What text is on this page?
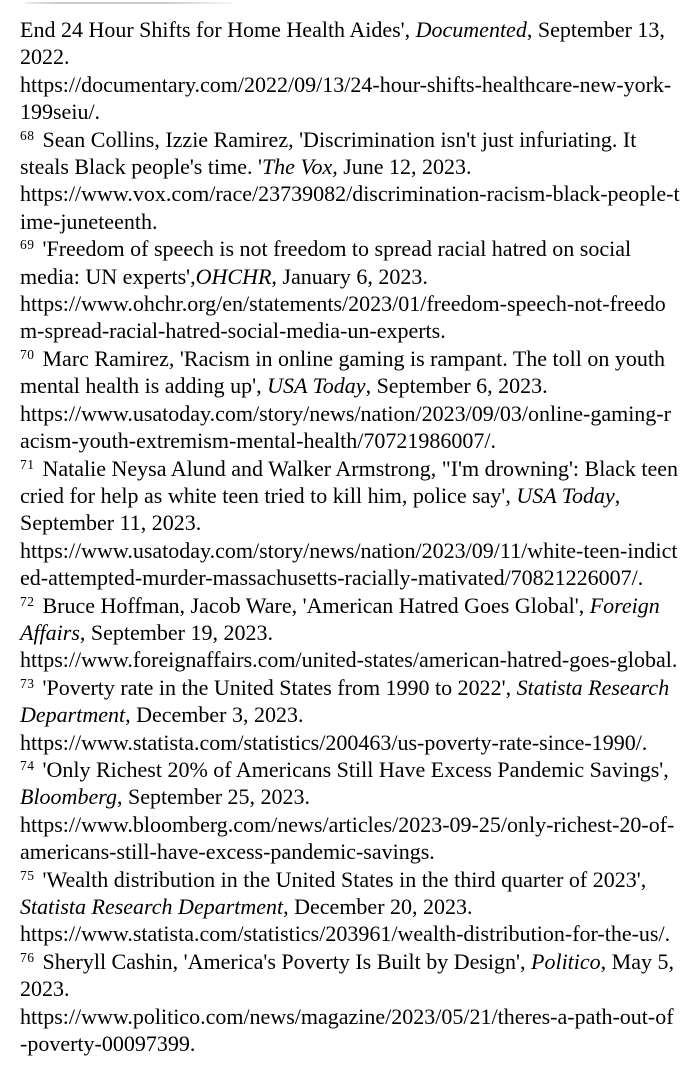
End 24 Hour Shifts for Home Health Aides', Documented, September 13, 2022.
https://documentary.com/2022/09/13/24-hour-shifts-healthcare-new-york-199seiu/.

$^{68}$ Sean Collins, Izzie Ramirez, 'Discrimination isn't just infuriating. It steals Black people's time. 'The Vox, June 12, 2023.
https://www.vox.com/race/23739082/discrimination-racism-black-people-time-juneteenth.

$^{69}$ 'Freedom of speech is not freedom to spread racial hatred on social media: UN experts',OHCHR, January 6, 2023.
https://www.ohchr.org/en/statements/2023/01/freedom-speech-not-freedom-spread-racial-hatred-social-media-un-experts.

$^{70}$ Marc Ramirez, 'Racism in online gaming is rampant. The toll on youth mental health is adding up', USA Today, September 6, 2023.
https://www.usatoday.com/story/news/nation/2023/09/03/online-gaming-racism-youth-extremism-mental-health/70721986007/.

$^{71}$ Natalie Neysa Alund and Walker Armstrong, "I'm drowning': Black teen cried for help as white teen tried to kill him, police say', USA Today, September 11, 2023.
https://www.usatoday.com/story/news/nation/2023/09/11/white-teen-indicted-attempted-murder-massachusetts-racially-mativated/70821226007/.

$^{72}$ Bruce Hoffman, Jacob Ware, 'American Hatred Goes Global', Foreign Affairs, September 19, 2023.
https://www.foreignaffairs.com/united-states/american-hatred-goes-global.

$^{73}$ 'Poverty rate in the United States from 1990 to 2022', Statista Research Department, December 3, 2023.
https://www.statista.com/statistics/200463/us-poverty-rate-since-1990/.

$^{74}$ 'Only Richest 20% of Americans Still Have Excess Pandemic Savings', Bloomberg, September 25, 2023.
https://www.bloomberg.com/news/articles/2023-09-25/only-richest-20-of-americans-still-have-excess-pandemic-savings.

$^{75}$ 'Wealth distribution in the United States in the third quarter of 2023', Statista Research Department, December 20, 2023.
https://www.statista.com/statistics/203961/wealth-distribution-for-the-us/.

$^{76}$ Sheryll Cashin, 'America's Poverty Is Built by Design', Politico, May 5, 2023.
https://www.politico.com/news/magazine/2023/05/21/theres-a-path-out-of-poverty-00097399.
